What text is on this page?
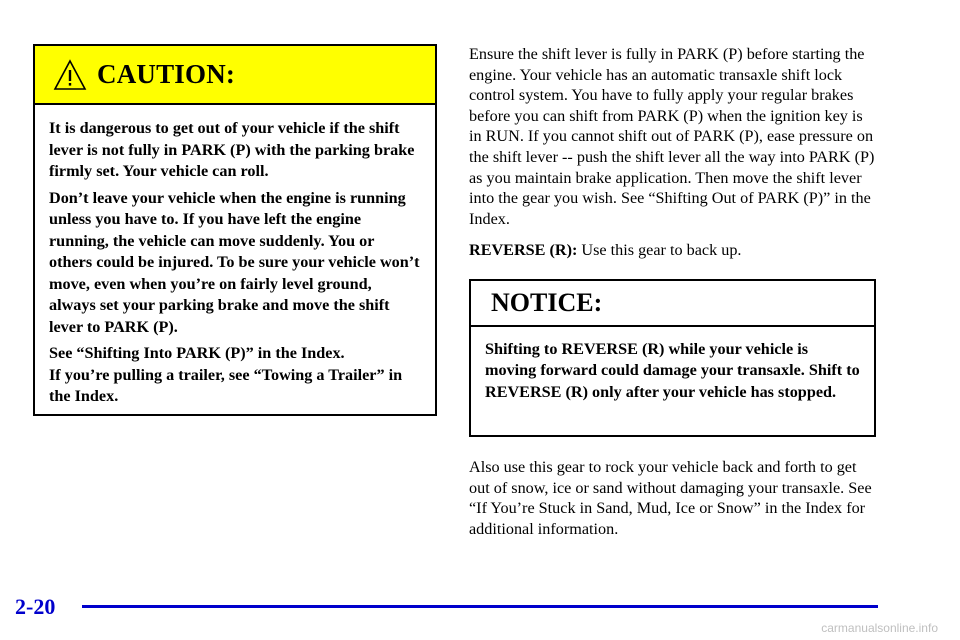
CAUTION:

It is dangerous to get out of your vehicle if the shift lever is not fully in PARK (P) with the parking brake firmly set. Your vehicle can roll.

Don’t leave your vehicle when the engine is running unless you have to. If you have left the engine running, the vehicle can move suddenly. You or others could be injured. To be sure your vehicle won’t move, even when you’re on fairly level ground, always set your parking brake and move the shift lever to PARK (P).

See “Shifting Into PARK (P)” in the Index.

If you’re pulling a trailer, see “Towing a Trailer” in the Index.

Ensure the shift lever is fully in PARK (P) before starting the engine. Your vehicle has an automatic transaxle shift lock control system. You have to fully apply your regular brakes before you can shift from PARK (P) when the ignition key is in RUN. If you cannot shift out of PARK (P), ease pressure on the shift lever -- push the shift lever all the way into PARK (P) as you maintain brake application. Then move the shift lever into the gear you wish. See “Shifting Out of PARK (P)” in the Index.

REVERSE (R): Use this gear to back up.

NOTICE:
Shifting to REVERSE (R) while your vehicle is moving forward could damage your transaxle. Shift to REVERSE (R) only after your vehicle has stopped.

Also use this gear to rock your vehicle back and forth to get out of snow, ice or sand without damaging your transaxle. See “If You’re Stuck in Sand, Mud, Ice or Snow” in the Index for additional information.

2-20
carmanualsonline.info
